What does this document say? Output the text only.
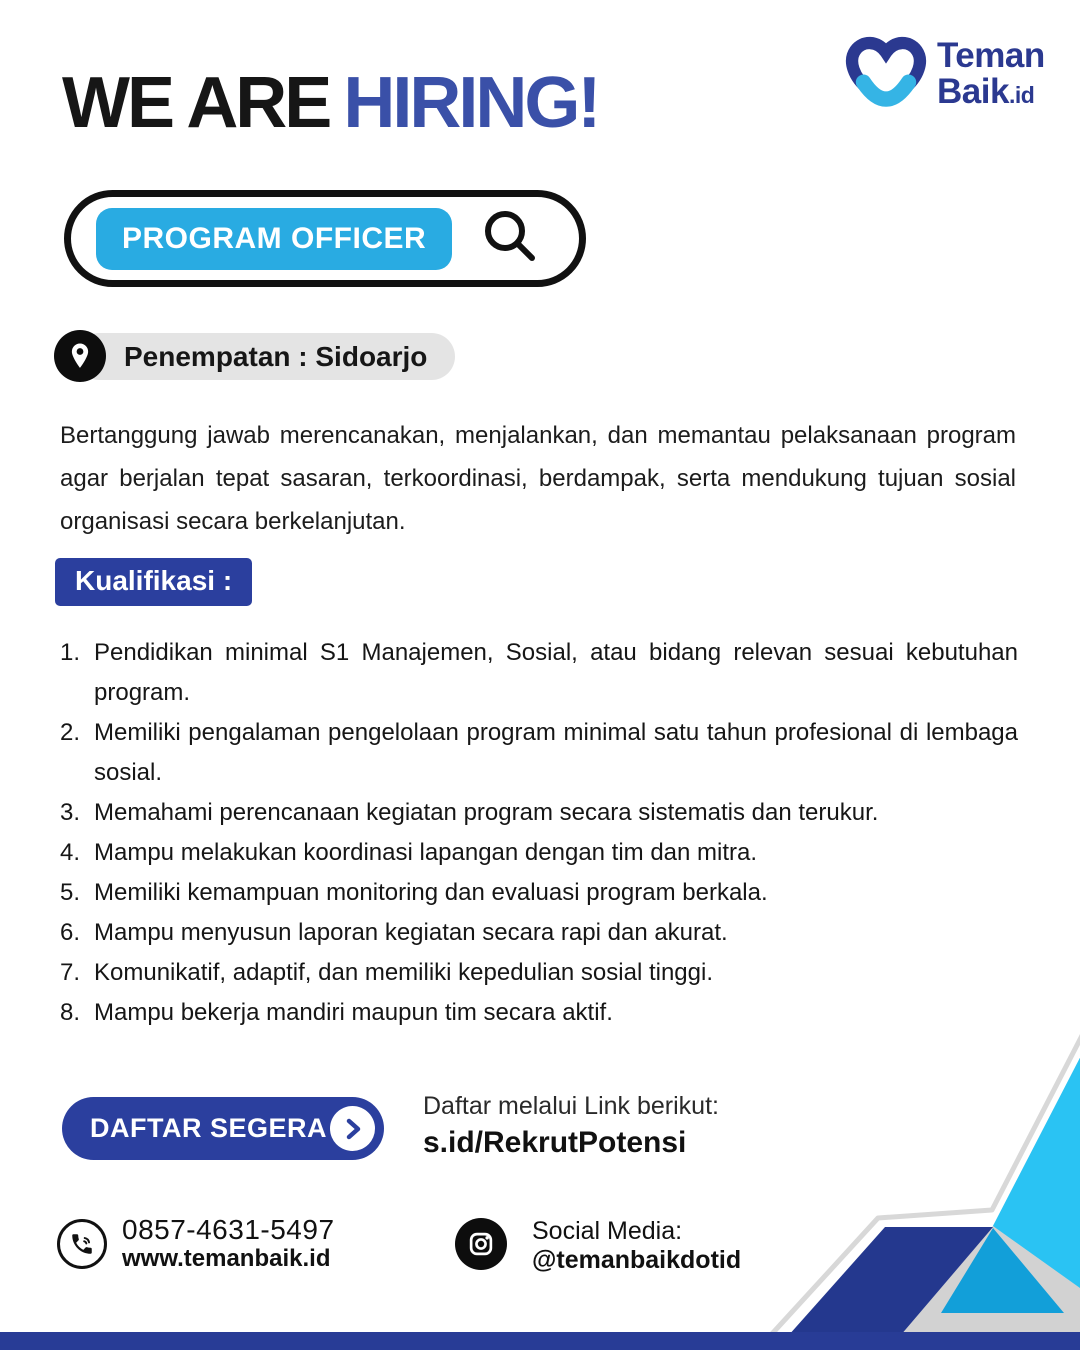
WE ARE HIRING!
Teman
Baik.id
PROGRAM OFFICER
Penempatan : Sidoarjo

Bertanggung jawab merencanakan, menjalankan, dan memantau pelaksanaan program agar berjalan tepat sasaran, terkoordinasi, berdampak, serta mendukung tujuan sosial organisasi secara berkelanjutan.

Kualifikasi :
1. Pendidikan minimal S1 Manajemen, Sosial, atau bidang relevan sesuai kebutuhan program.
2. Memiliki pengalaman pengelolaan program minimal satu tahun profesional di lembaga sosial.
3. Memahami perencanaan kegiatan program secara sistematis dan terukur.
4. Mampu melakukan koordinasi lapangan dengan tim dan mitra.
5. Memiliki kemampuan monitoring dan evaluasi program berkala.
6. Mampu menyusun laporan kegiatan secara rapi dan akurat.
7. Komunikatif, adaptif, dan memiliki kepedulian sosial tinggi.
8. Mampu bekerja mandiri maupun tim secara aktif.
DAFTAR SEGERA
Daftar melalui Link berikut:
s.id/RekrutPotensi
0857-4631-5497
www.temanbaik.id
Social Media:
@temanbaikdotid
